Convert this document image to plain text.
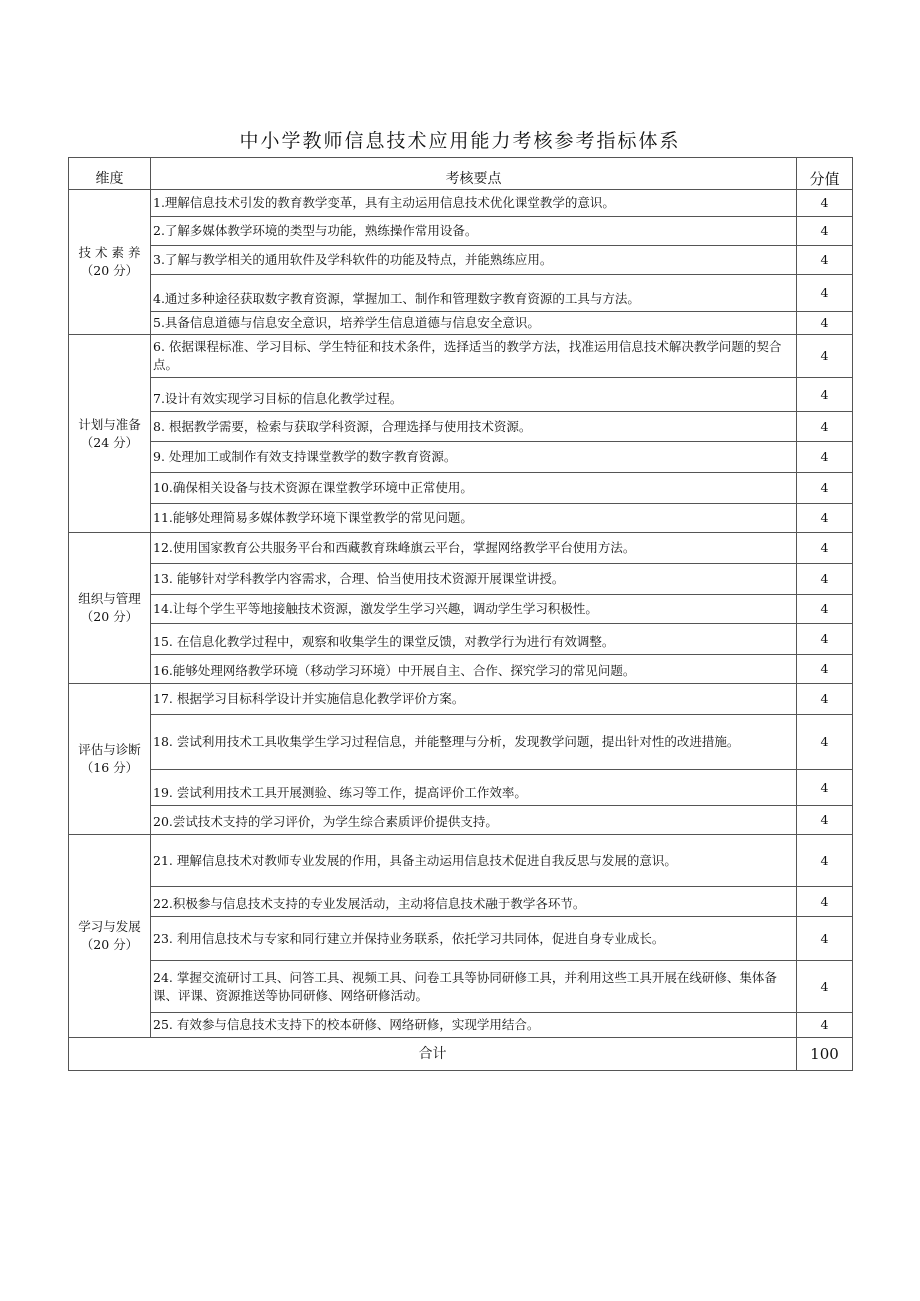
中小学教师信息技术应用能力考核参考指标体系
维度	考核要点	分值

技 术 素 养
（20 分）	1.理解信息技术引发的教育教学变革，具有主动运用信息技术优化课堂教学的意识。	4
	2.了解多媒体教学环境的类型与功能，熟练操作常用设备。	4
	3.了解与教学相关的通用软件及学科软件的功能及特点，并能熟练应用。	4
	4.通过多种途径获取数字教育资源，掌握加工、制作和管理数字教育资源的工具与方法。	4
	5.具备信息道德与信息安全意识，培养学生信息道德与信息安全意识。	4

计划与准备
（24 分）	6. 依据课程标准、学习目标、学生特征和技术条件，选择适当的教学方法，找准运用信息技术解决教学问题的契合点。	4
	7.设计有效实现学习目标的信息化教学过程。	4
	8. 根据教学需要，检索与获取学科资源，合理选择与使用技术资源。	4
	9. 处理加工或制作有效支持课堂教学的数字教育资源。	4
	10.确保相关设备与技术资源在课堂教学环境中正常使用。	4
	11.能够处理简易多媒体教学环境下课堂教学的常见问题。	4

组织与管理
（20 分）	12.使用国家教育公共服务平台和西藏教育珠峰旗云平台，掌握网络教学平台使用方法。	4
	13. 能够针对学科教学内容需求，合理、恰当使用技术资源开展课堂讲授。	4
	14.让每个学生平等地接触技术资源，激发学生学习兴趣，调动学生学习积极性。	4
	15. 在信息化教学过程中，观察和收集学生的课堂反馈，对教学行为进行有效调整。	4
	16.能够处理网络教学环境（移动学习环境）中开展自主、合作、探究学习的常见问题。	4

评估与诊断
（16 分）	17. 根据学习目标科学设计并实施信息化教学评价方案。	4
	18. 尝试利用技术工具收集学生学习过程信息，并能整理与分析，发现教学问题，提出针对性的改进措施。	4
	19. 尝试利用技术工具开展测验、练习等工作，提高评价工作效率。	4
	20.尝试技术支持的学习评价，为学生综合素质评价提供支持。	4

学习与发展
（20 分）	21. 理解信息技术对教师专业发展的作用，具备主动运用信息技术促进自我反思与发展的意识。	4
	22.积极参与信息技术支持的专业发展活动，主动将信息技术融于教学各环节。	4
	23. 利用信息技术与专家和同行建立并保持业务联系，依托学习共同体，促进自身专业成长。	4
	24. 掌握交流研讨工具、问答工具、视频工具、问卷工具等协同研修工具，并利用这些工具开展在线研修、集体备课、评课、资源推送等协同研修、网络研修活动。	4
	25. 有效参与信息技术支持下的校本研修、网络研修，实现学用结合。	4
合计		100
